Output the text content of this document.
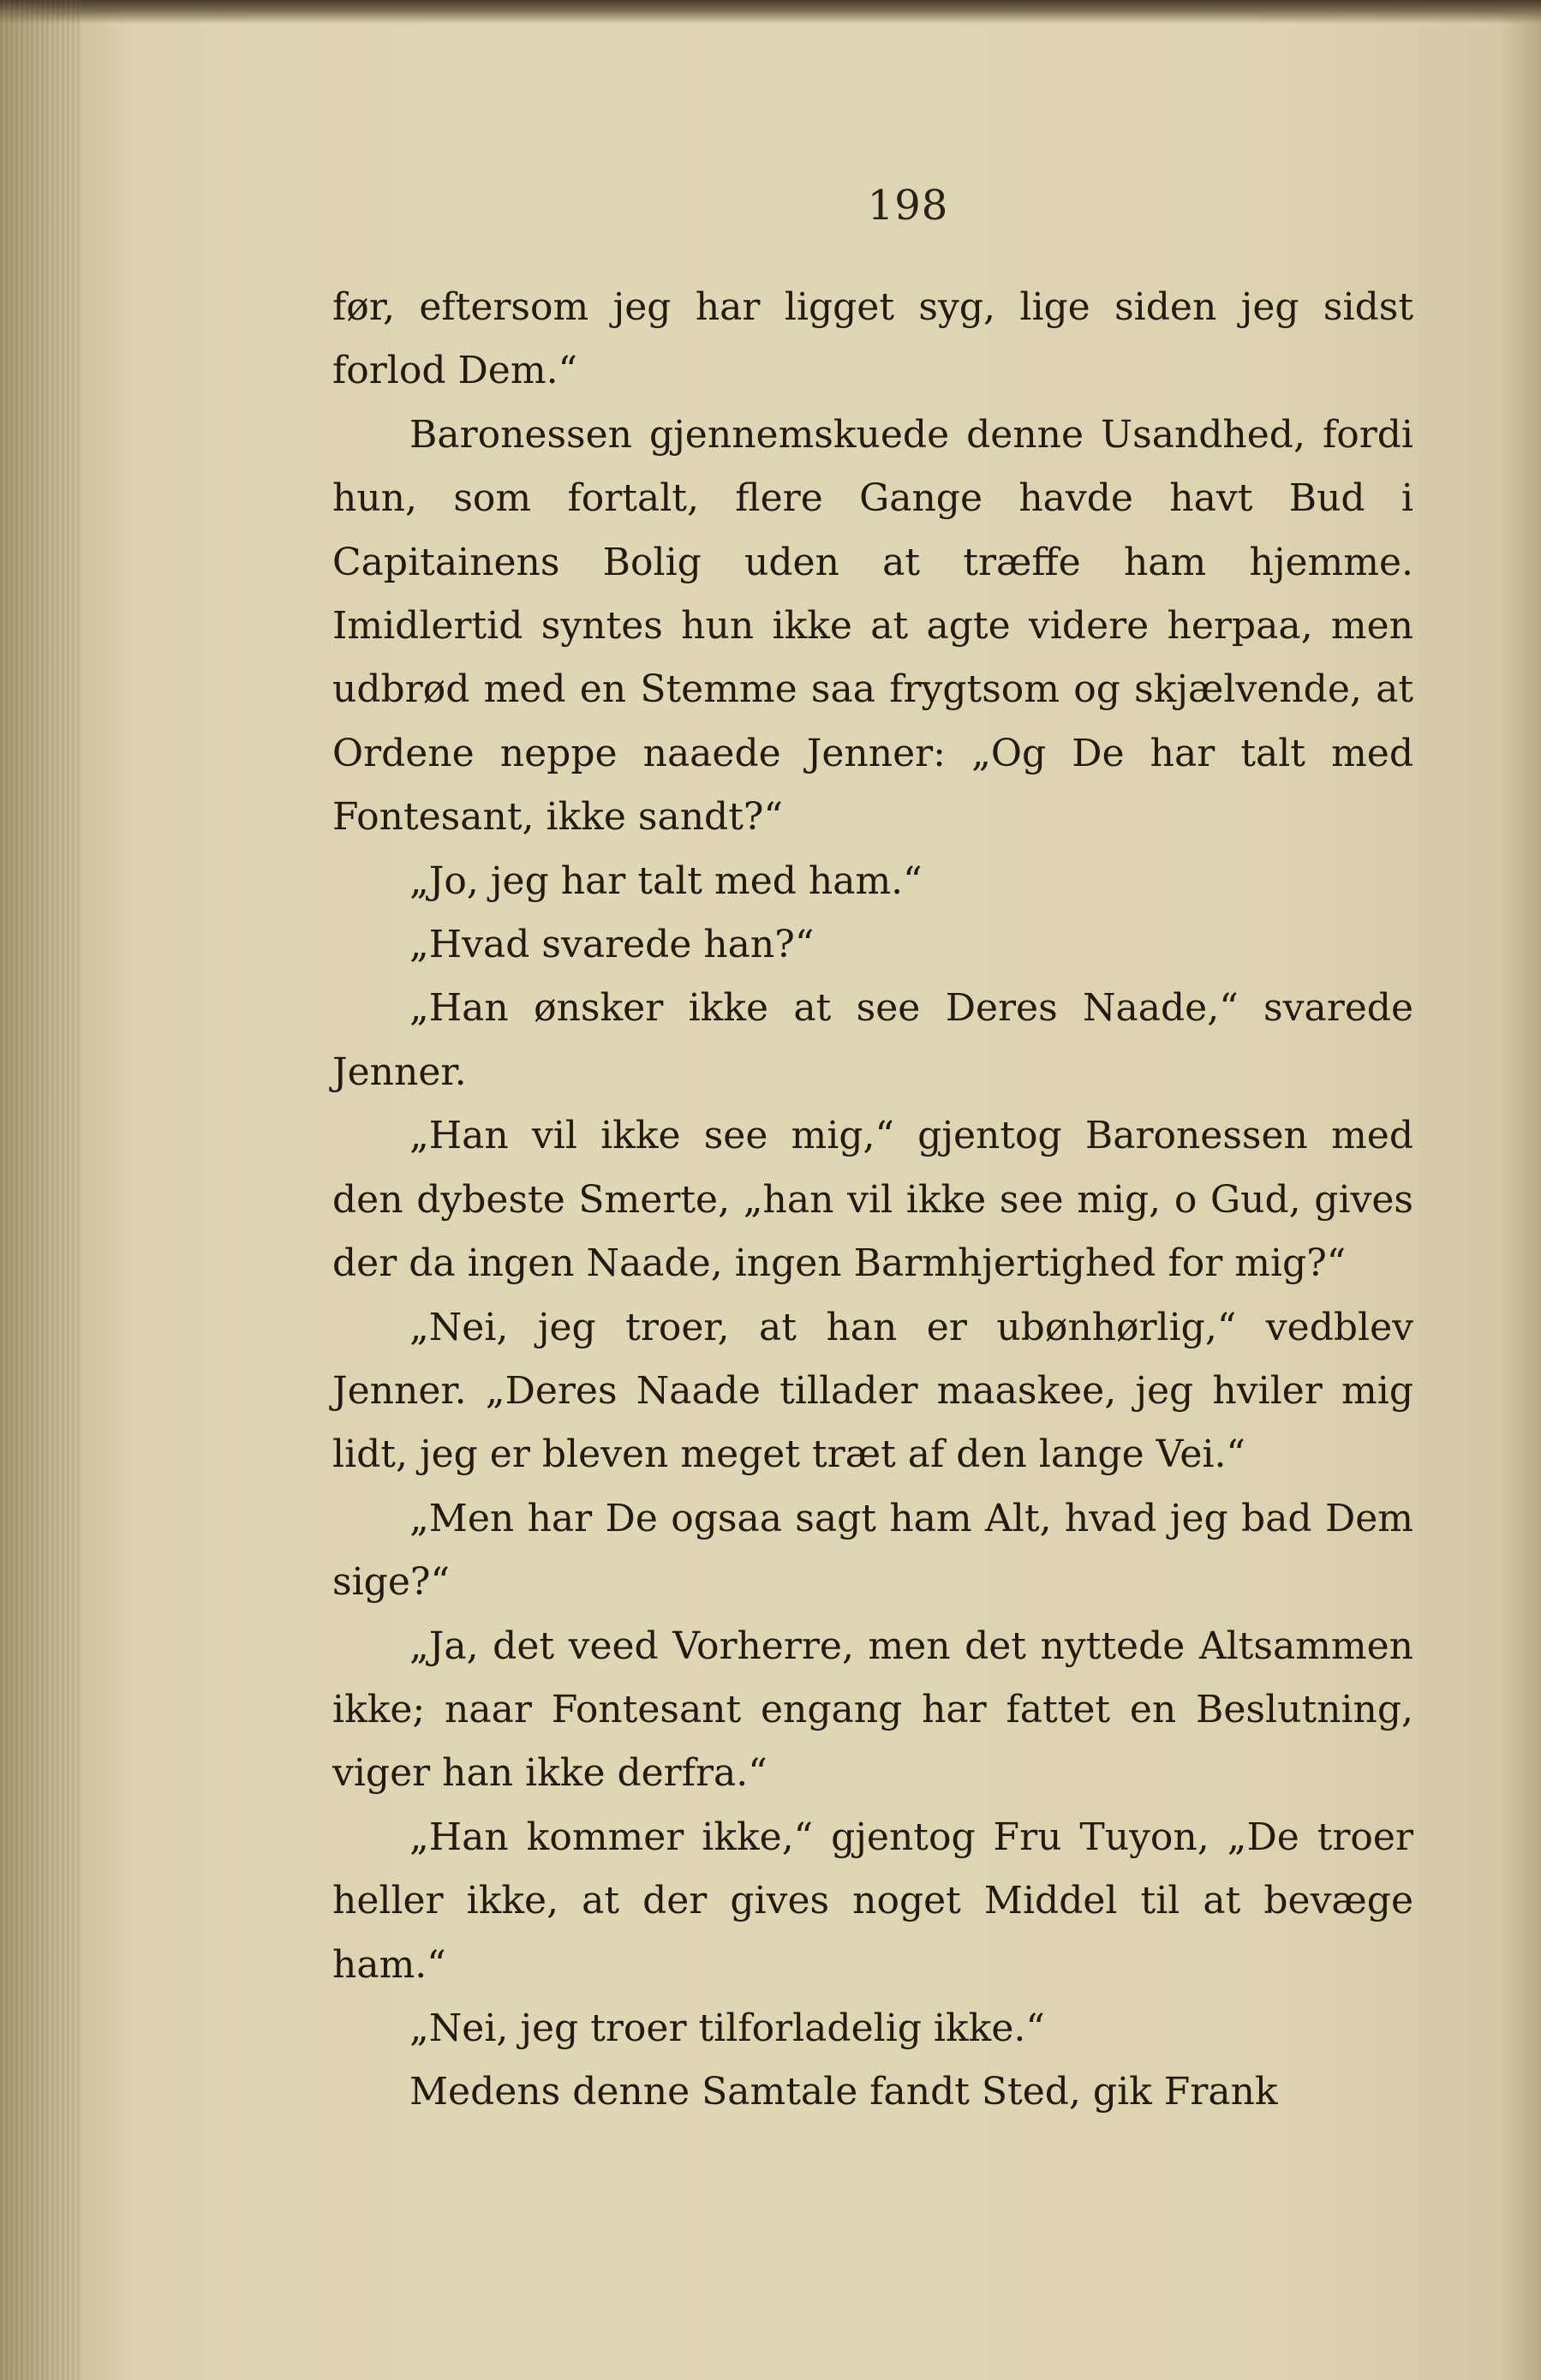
198

før, eftersom jeg har ligget syg, lige siden jeg sidst forlod Dem.“

Baronessen gjennemskuede denne Usandhed, fordi hun, som fortalt, flere Gange havde havt Bud i Capitainens Bolig uden at træffe ham hjemme. Imidlertid syntes hun ikke at agte videre herpaa, men udbrød med en Stemme saa frygtsom og skjælvende, at Ordene neppe naaede Jenner: „Og De har talt med Fontesant, ikke sandt?“

„Jo, jeg har talt med ham.“

„Hvad svarede han?“

„Han ønsker ikke at see Deres Naade,“ svarede Jenner.

„Han vil ikke see mig,“ gjentog Baronessen med den dybeste Smerte, „han vil ikke see mig, o Gud, gives der da ingen Naade, ingen Barmhjertighed for mig?“

„Nei, jeg troer, at han er ubønhørlig,“ vedblev Jenner. „Deres Naade tillader maaskee, jeg hviler mig lidt, jeg er bleven meget træt af den lange Vei.“

„Men har De ogsaa sagt ham Alt, hvad jeg bad Dem sige?“

„Ja, det veed Vorherre, men det nyttede Altsammen ikke; naar Fontesant engang har fattet en Beslutning, viger han ikke derfra.“

„Han kommer ikke,“ gjentog Fru Tuyon, „De troer heller ikke, at der gives noget Middel til at bevæge ham.“

„Nei, jeg troer tilforladelig ikke.“

Medens denne Samtale fandt Sted, gik Frank
